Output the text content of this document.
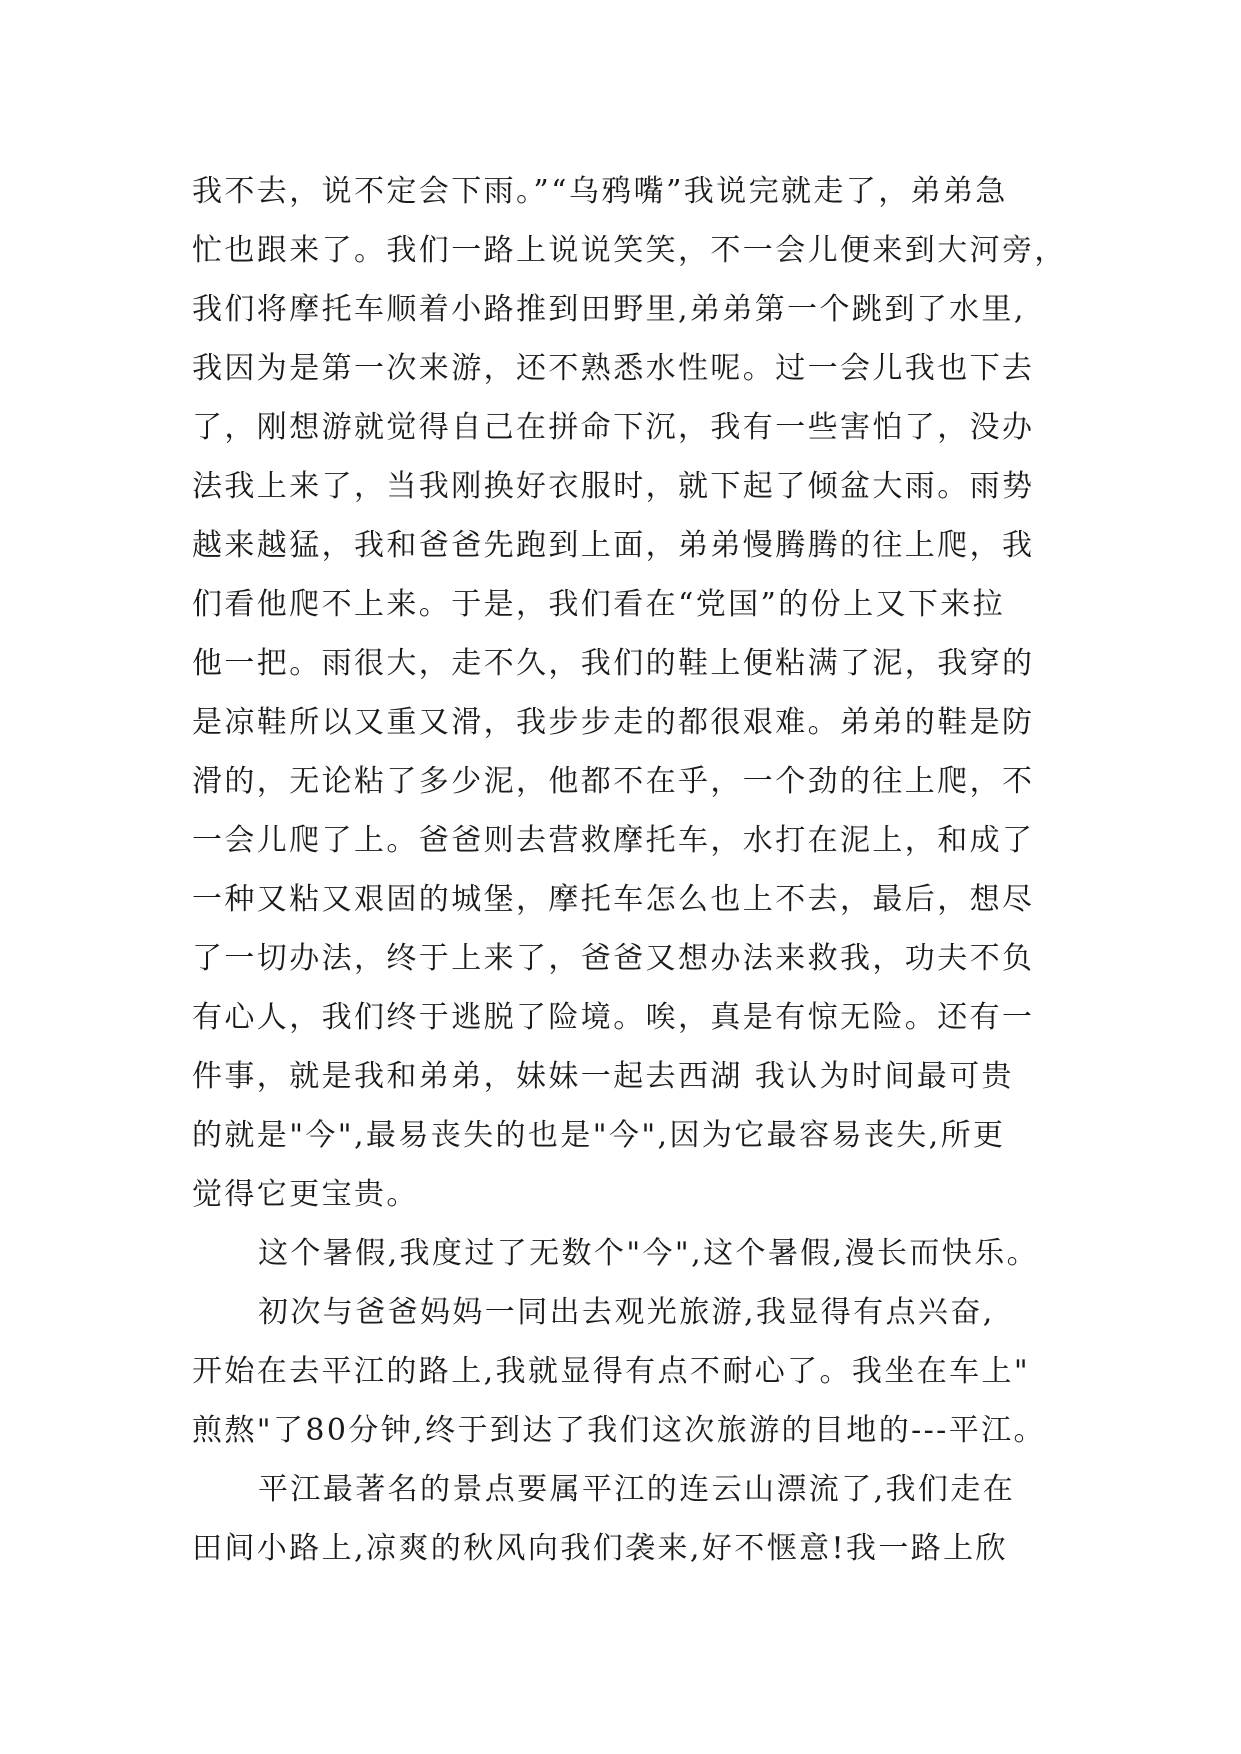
我不去，说不定会下雨。”“乌鸦嘴”我说完就走了，弟弟急
忙也跟来了。我们一路上说说笑笑，不一会儿便来到大河旁，
我们将摩托车顺着小路推到田野里,弟弟第一个跳到了水里,
我因为是第一次来游，还不熟悉水性呢。过一会儿我也下去
了，刚想游就觉得自己在拼命下沉，我有一些害怕了，没办
法我上来了，当我刚换好衣服时，就下起了倾盆大雨。雨势
越来越猛，我和爸爸先跑到上面，弟弟慢腾腾的往上爬，我
们看他爬不上来。于是，我们看在“党国”的份上又下来拉
他一把。雨很大，走不久，我们的鞋上便粘满了泥，我穿的
是凉鞋所以又重又滑，我步步走的都很艰难。弟弟的鞋是防
滑的，无论粘了多少泥，他都不在乎，一个劲的往上爬，不
一会儿爬了上。爸爸则去营救摩托车，水打在泥上，和成了
一种又粘又艰固的城堡，摩托车怎么也上不去，最后，想尽
了一切办法，终于上来了，爸爸又想办法来救我，功夫不负
有心人，我们终于逃脱了险境。唉，真是有惊无险。还有一
件事，就是我和弟弟，妹妹一起去西湖 我认为时间最可贵
的就是"今",最易丧失的也是"今",因为它最容易丧失,所更
觉得它更宝贵。
这个暑假,我度过了无数个"今",这个暑假,漫长而快乐。
初次与爸爸妈妈一同出去观光旅游,我显得有点兴奋,
开始在去平江的路上,我就显得有点不耐心了。我坐在车上"
煎熬"了80分钟,终于到达了我们这次旅游的目地的---平江。
平江最著名的景点要属平江的连云山漂流了,我们走在
田间小路上,凉爽的秋风向我们袭来,好不惬意!我一路上欣
